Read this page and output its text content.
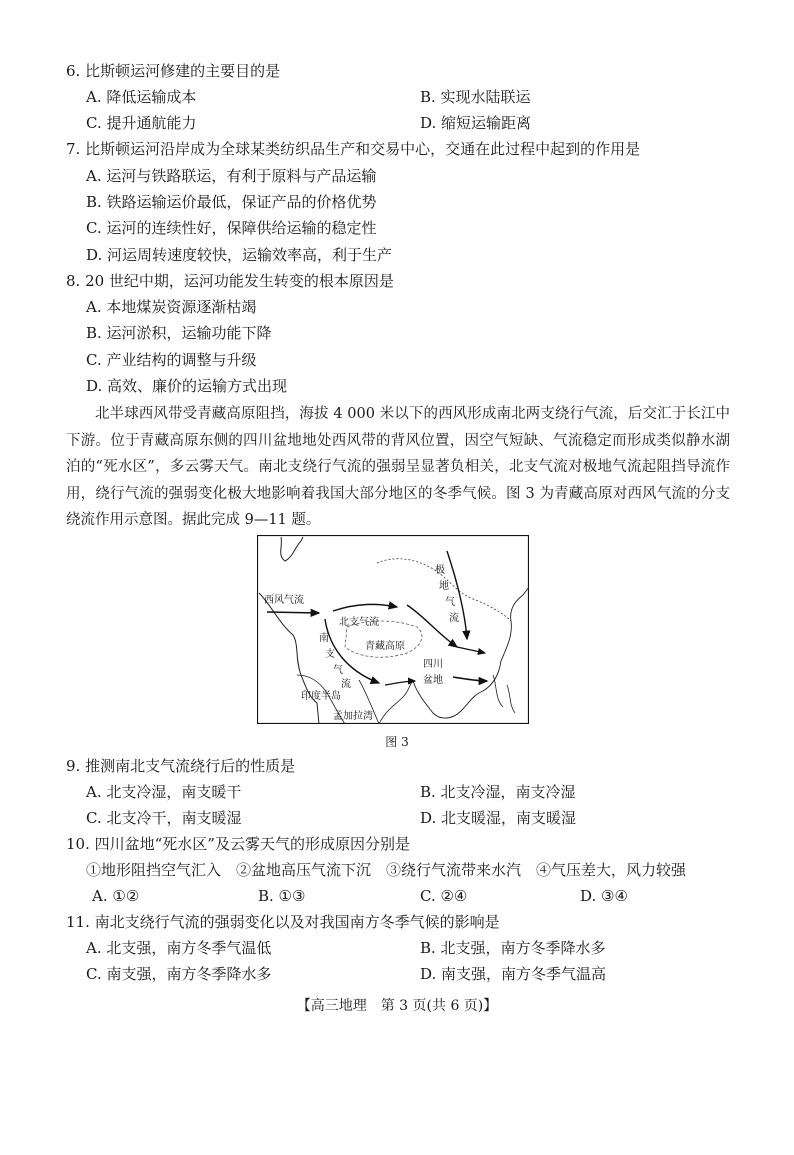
6. 比斯顿运河修建的主要目的是
A. 降低运输成本	B. 实现水陆联运
C. 提升通航能力	D. 缩短运输距离
7. 比斯顿运河沿岸成为全球某类纺织品生产和交易中心，交通在此过程中起到的作用是
A. 运河与铁路联运，有利于原料与产品运输
B. 铁路运输运价最低，保证产品的价格优势
C. 运河的连续性好，保障供给运输的稳定性
D. 河运周转速度较快，运输效率高，利于生产
8. 20 世纪中期，运河功能发生转变的根本原因是
A. 本地煤炭资源逐渐枯竭
B. 运河淤积，运输功能下降
C. 产业结构的调整与升级
D. 高效、廉价的运输方式出现

北半球西风带受青藏高原阻挡，海拔 4 000 米以下的西风形成南北两支绕行气流，后交汇于长江中下游。位于青藏高原东侧的四川盆地地处西风带的背风位置，因空气短缺、气流稳定而形成类似静水湖泊的“死水区”，多云雾天气。南北支绕行气流的强弱呈显著负相关，北支气流对极地气流起阻挡导流作用，绕行气流的强弱变化极大地影响着我国大部分地区的冬季气候。图 3 为青藏高原对西风气流的分支绕流作用示意图。据此完成 9—11 题。

西风气流
北支气流
青藏高原
南
支
气
流
极
地
气
流
四川
盆地
印度半岛
孟加拉湾
图 3
9. 推测南北支气流绕行后的性质是
A. 北支冷湿，南支暖干	B. 北支冷湿，南支冷湿
C. 北支冷干，南支暖湿	D. 北支暖湿，南支暖湿
10. 四川盆地“死水区”及云雾天气的形成原因分别是
①地形阻挡空气汇入　②盆地高压气流下沉　③绕行气流带来水汽　④气压差大，风力较强
A. ①②	B. ①③	C. ②④	D. ③④
11. 南北支绕行气流的强弱变化以及对我国南方冬季气候的影响是
A. 北支强，南方冬季气温低	B. 北支强，南方冬季降水多
C. 南支强，南方冬季降水多	D. 南支强，南方冬季气温高
【高三地理　第 3 页(共 6 页)】
